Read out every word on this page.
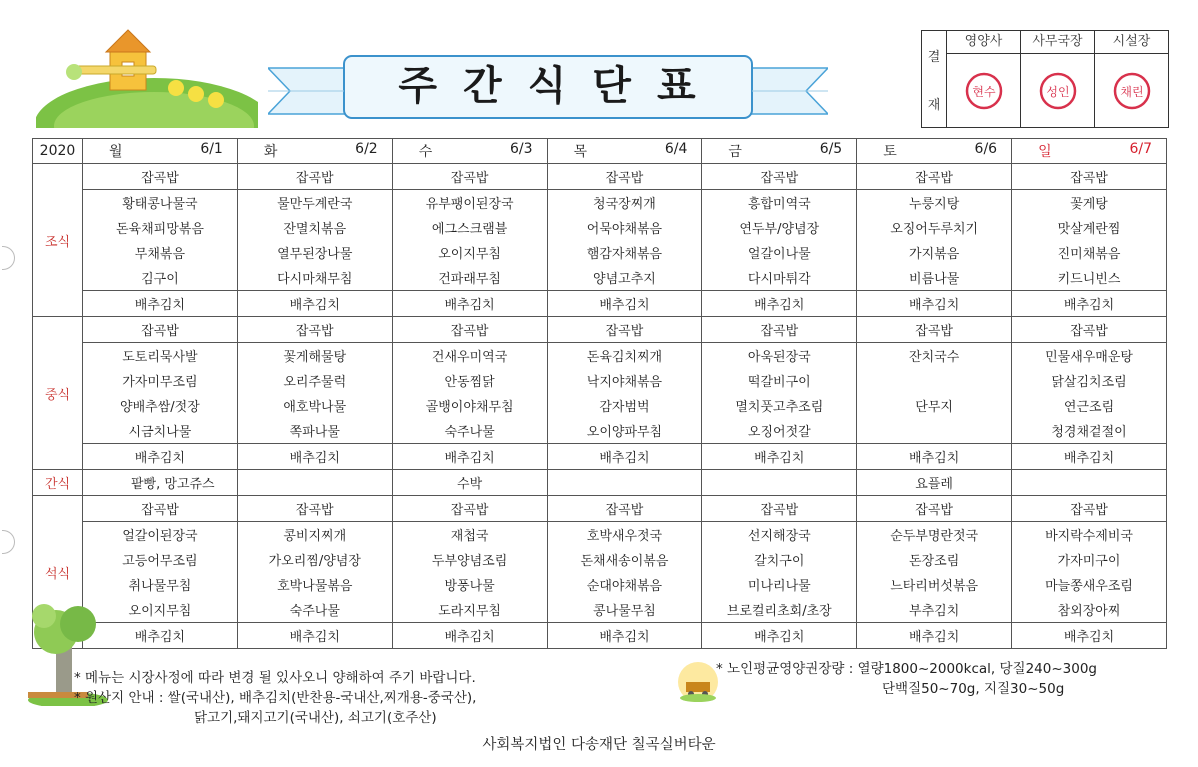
주간식단표
결
재
영양사
현수
사무국장
성인
시설장
채린
2020	월 6/1	화 6/2	수 6/3	목 6/4	금 6/5	토 6/6	일 6/7

조식	잡곡밥	잡곡밥	잡곡밥	잡곡밥	잡곡밥	잡곡밥	잡곡밥
	황태콩나물국	물만두계란국	유부팽이된장국	청국장찌개	흥합미역국	누룽지탕	꽃게탕
	돈육채피망볶음	잔멸치볶음	에그스크램블	어묵야채볶음	연두부/양념장	오징어두루치기	맛살계란찜
	무채볶음	열무된장나물	오이지무침	햄감자채볶음	얼갈이나물	가지볶음	진미채볶음
	김구이	다시마채무침	건파래무침	양념고추지	다시마튀각	비름나물	키드니빈스
	배추김치	배추김치	배추김치	배추김치	배추김치	배추김치	배추김치
중식	잡곡밥	잡곡밥	잡곡밥	잡곡밥	잡곡밥	잡곡밥	잡곡밥
	도토리묵사발	꽃게해물탕	건새우미역국	돈육김치찌개	아욱된장국	잔치국수	민물새우매운탕
	가자미무조림	오리주물럭	안동찜닭	낙지야채볶음	떡갈비구이		닭살김치조림
	양배추쌈/젓장	애호박나물	골뱅이야채무침	감자범벅	멸치풋고추조림	단무지	연근조림
	시금치나물	쪽파나물	숙주나물	오이양파무침	오징어젓갈		청경채겉절이
	배추김치	배추김치	배추김치	배추김치	배추김치	배추김치	배추김치
간식	팥빵, 망고쥬스		수박			요플레	
석식	잡곡밥	잡곡밥	잡곡밥	잡곡밥	잡곡밥	잡곡밥	잡곡밥
	얼갈이된장국	콩비지찌개	재첩국	호박새우젓국	선지해장국	순두부명란젓국	바지락수제비국
	고등어무조림	가오리찜/양념장	두부양념조림	돈채새송이볶음	갈치구이	돈장조림	가자미구이
	취나물무침	호박나물볶음	방풍나물	순대야채볶음	미나리나물	느타리버섯볶음	마늘쫑새우조림
	오이지무침	숙주나물	도라지무침	콩나물무침	브로컬리초회/초장	부추김치	참외장아찌
	배추김치	배추김치	배추김치	배추김치	배추김치	배추김치	배추김치
* 메뉴는 시장사정에 따라 변경 될 있사오니 양해하여 주기 바랍니다.
* 원산지 안내 : 쌀(국내산), 배추김치(반찬용-국내산,찌개용-중국산),
닭고기,돼지고기(국내산), 쇠고기(호주산)
* 노인평균영양권장량 : 열량1800~2000kcal, 당질240~300g
단백질50~70g, 지질30~50g
사회복지법인 다송재단 칠곡실버타운
